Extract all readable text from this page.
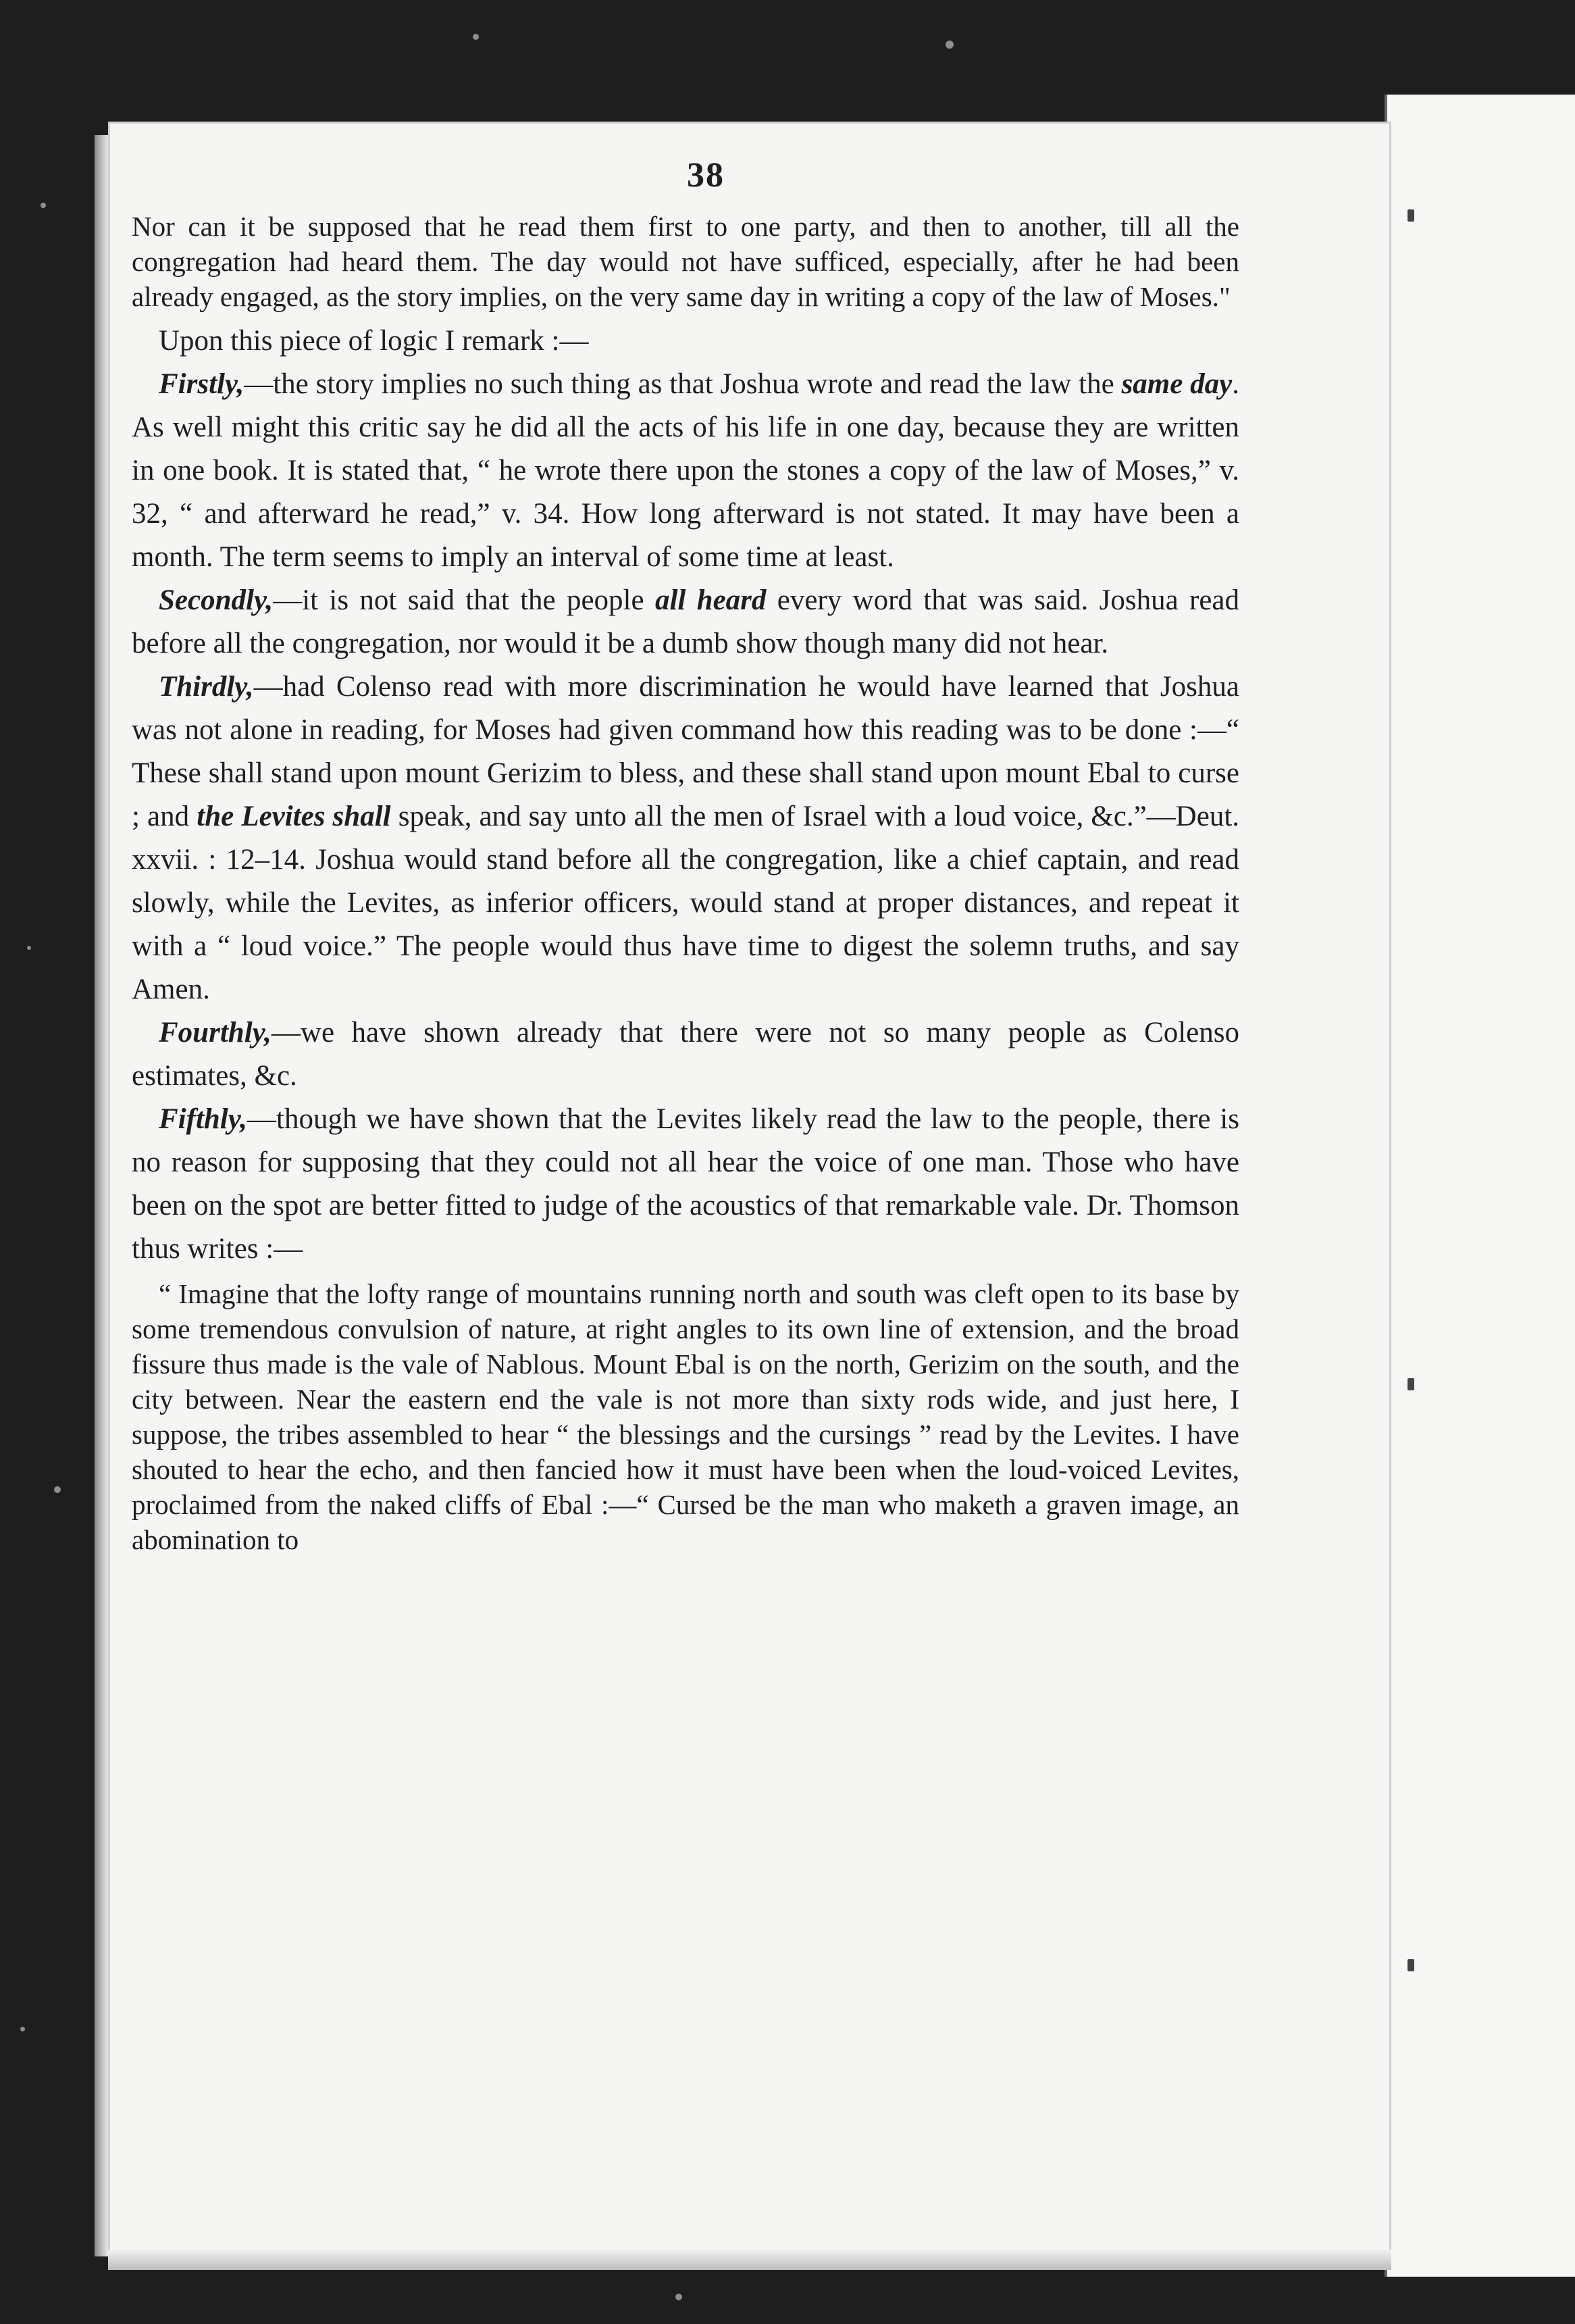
38

Nor can it be supposed that he read them first to one party, and then to another, till all the congregation had heard them. The day would not have sufficed, especially, after he had been already engaged, as the story implies, on the very same day in writing a copy of the law of Moses."

Upon this piece of logic I remark :—

Firstly,—the story implies no such thing as that Joshua wrote and read the law the same day. As well might this critic say he did all the acts of his life in one day, because they are written in one book. It is stated that, “ he wrote there upon the stones a copy of the law of Moses,” v. 32, “ and afterward he read,” v. 34. How long afterward is not stated. It may have been a month. The term seems to imply an interval of some time at least.

Secondly,—it is not said that the people all heard every word that was said. Joshua read before all the congregation, nor would it be a dumb show though many did not hear.

Thirdly,—had Colenso read with more discrimination he would have learned that Joshua was not alone in reading, for Moses had given command how this reading was to be done :—“ These shall stand upon mount Gerizim to bless, and these shall stand upon mount Ebal to curse ; and the Levites shall speak, and say unto all the men of Israel with a loud voice, &c.”—Deut. xxvii. : 12–14. Joshua would stand before all the congregation, like a chief captain, and read slowly, while the Levites, as inferior officers, would stand at proper distances, and repeat it with a “ loud voice.” The people would thus have time to digest the solemn truths, and say Amen.

Fourthly,—we have shown already that there were not so many people as Colenso estimates, &c.

Fifthly,—though we have shown that the Levites likely read the law to the people, there is no reason for supposing that they could not all hear the voice of one man. Those who have been on the spot are better fitted to judge of the acoustics of that remarkable vale. Dr. Thomson thus writes :—

“ Imagine that the lofty range of mountains running north and south was cleft open to its base by some tremendous convulsion of nature, at right angles to its own line of extension, and the broad fissure thus made is the vale of Nablous. Mount Ebal is on the north, Gerizim on the south, and the city between. Near the eastern end the vale is not more than sixty rods wide, and just here, I suppose, the tribes assembled to hear “ the blessings and the cursings ” read by the Levites. I have shouted to hear the echo, and then fancied how it must have been when the loud-voiced Levites, proclaimed from the naked cliffs of Ebal :—“ Cursed be the man who maketh a graven image, an abomination to
